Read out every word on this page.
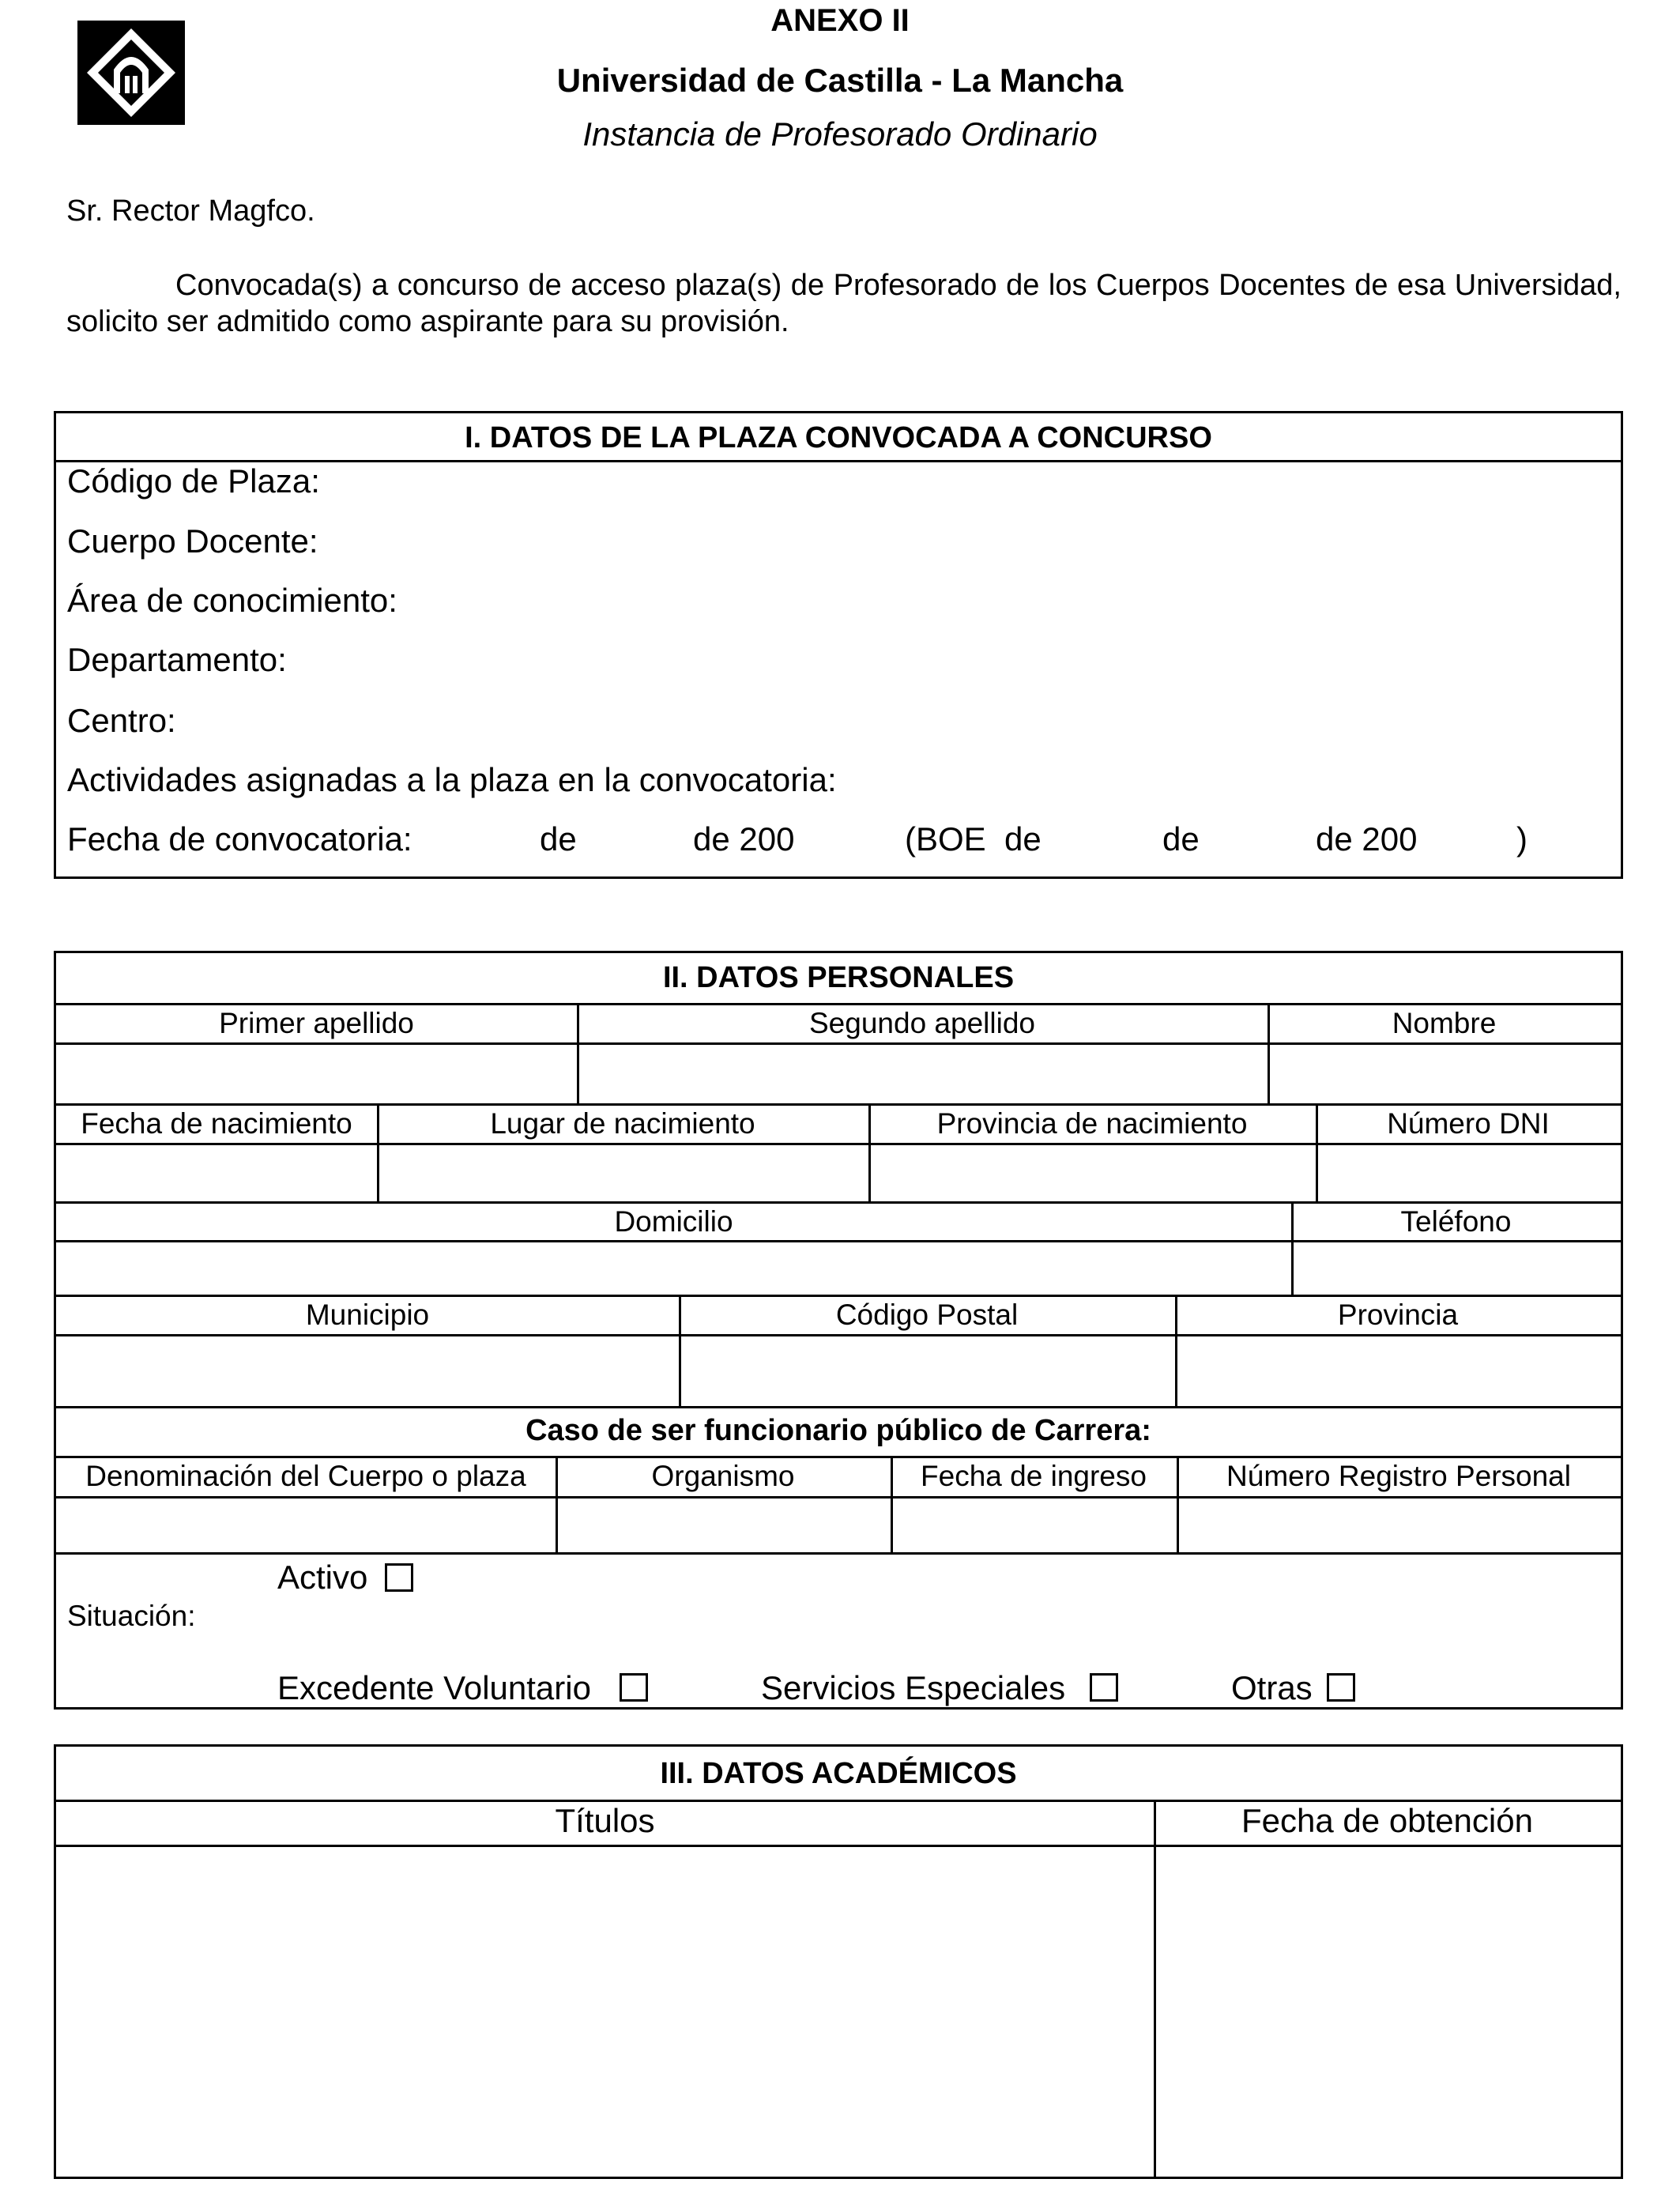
ANEXO II
Universidad de Castilla - La Mancha
Instancia de Profesorado Ordinario
Sr. Rector Magfco.
Convocada(s) a concurso de acceso plaza(s) de Profesorado de los Cuerpos Docentes de esa Universidad, solicito ser admitido como aspirante para su provisión.
I. DATOS DE LA PLAZA CONVOCADA A CONCURSO
Código de Plaza:
Cuerpo Docente:
Área de conocimiento:
Departamento:
Centro:
Actividades asignadas a la plaza en la convocatoria:
Fecha de convocatoria:	de	de 200	(BOE  de	de	de 200	)
II. DATOS PERSONALES
Primer apellido	Segundo apellido	Nombre
Fecha de nacimiento	Lugar de nacimiento	Provincia de nacimiento	Número DNI
Domicilio	Teléfono
Municipio	Código Postal	Provincia
Caso de ser funcionario público de Carrera:
Denominación del Cuerpo o plaza	Organismo	Fecha de ingreso	Número Registro Personal
Situación:
Activo
Excedente Voluntario	Servicios Especiales	Otras
III. DATOS ACADÉMICOS
Títulos	Fecha de obtención
